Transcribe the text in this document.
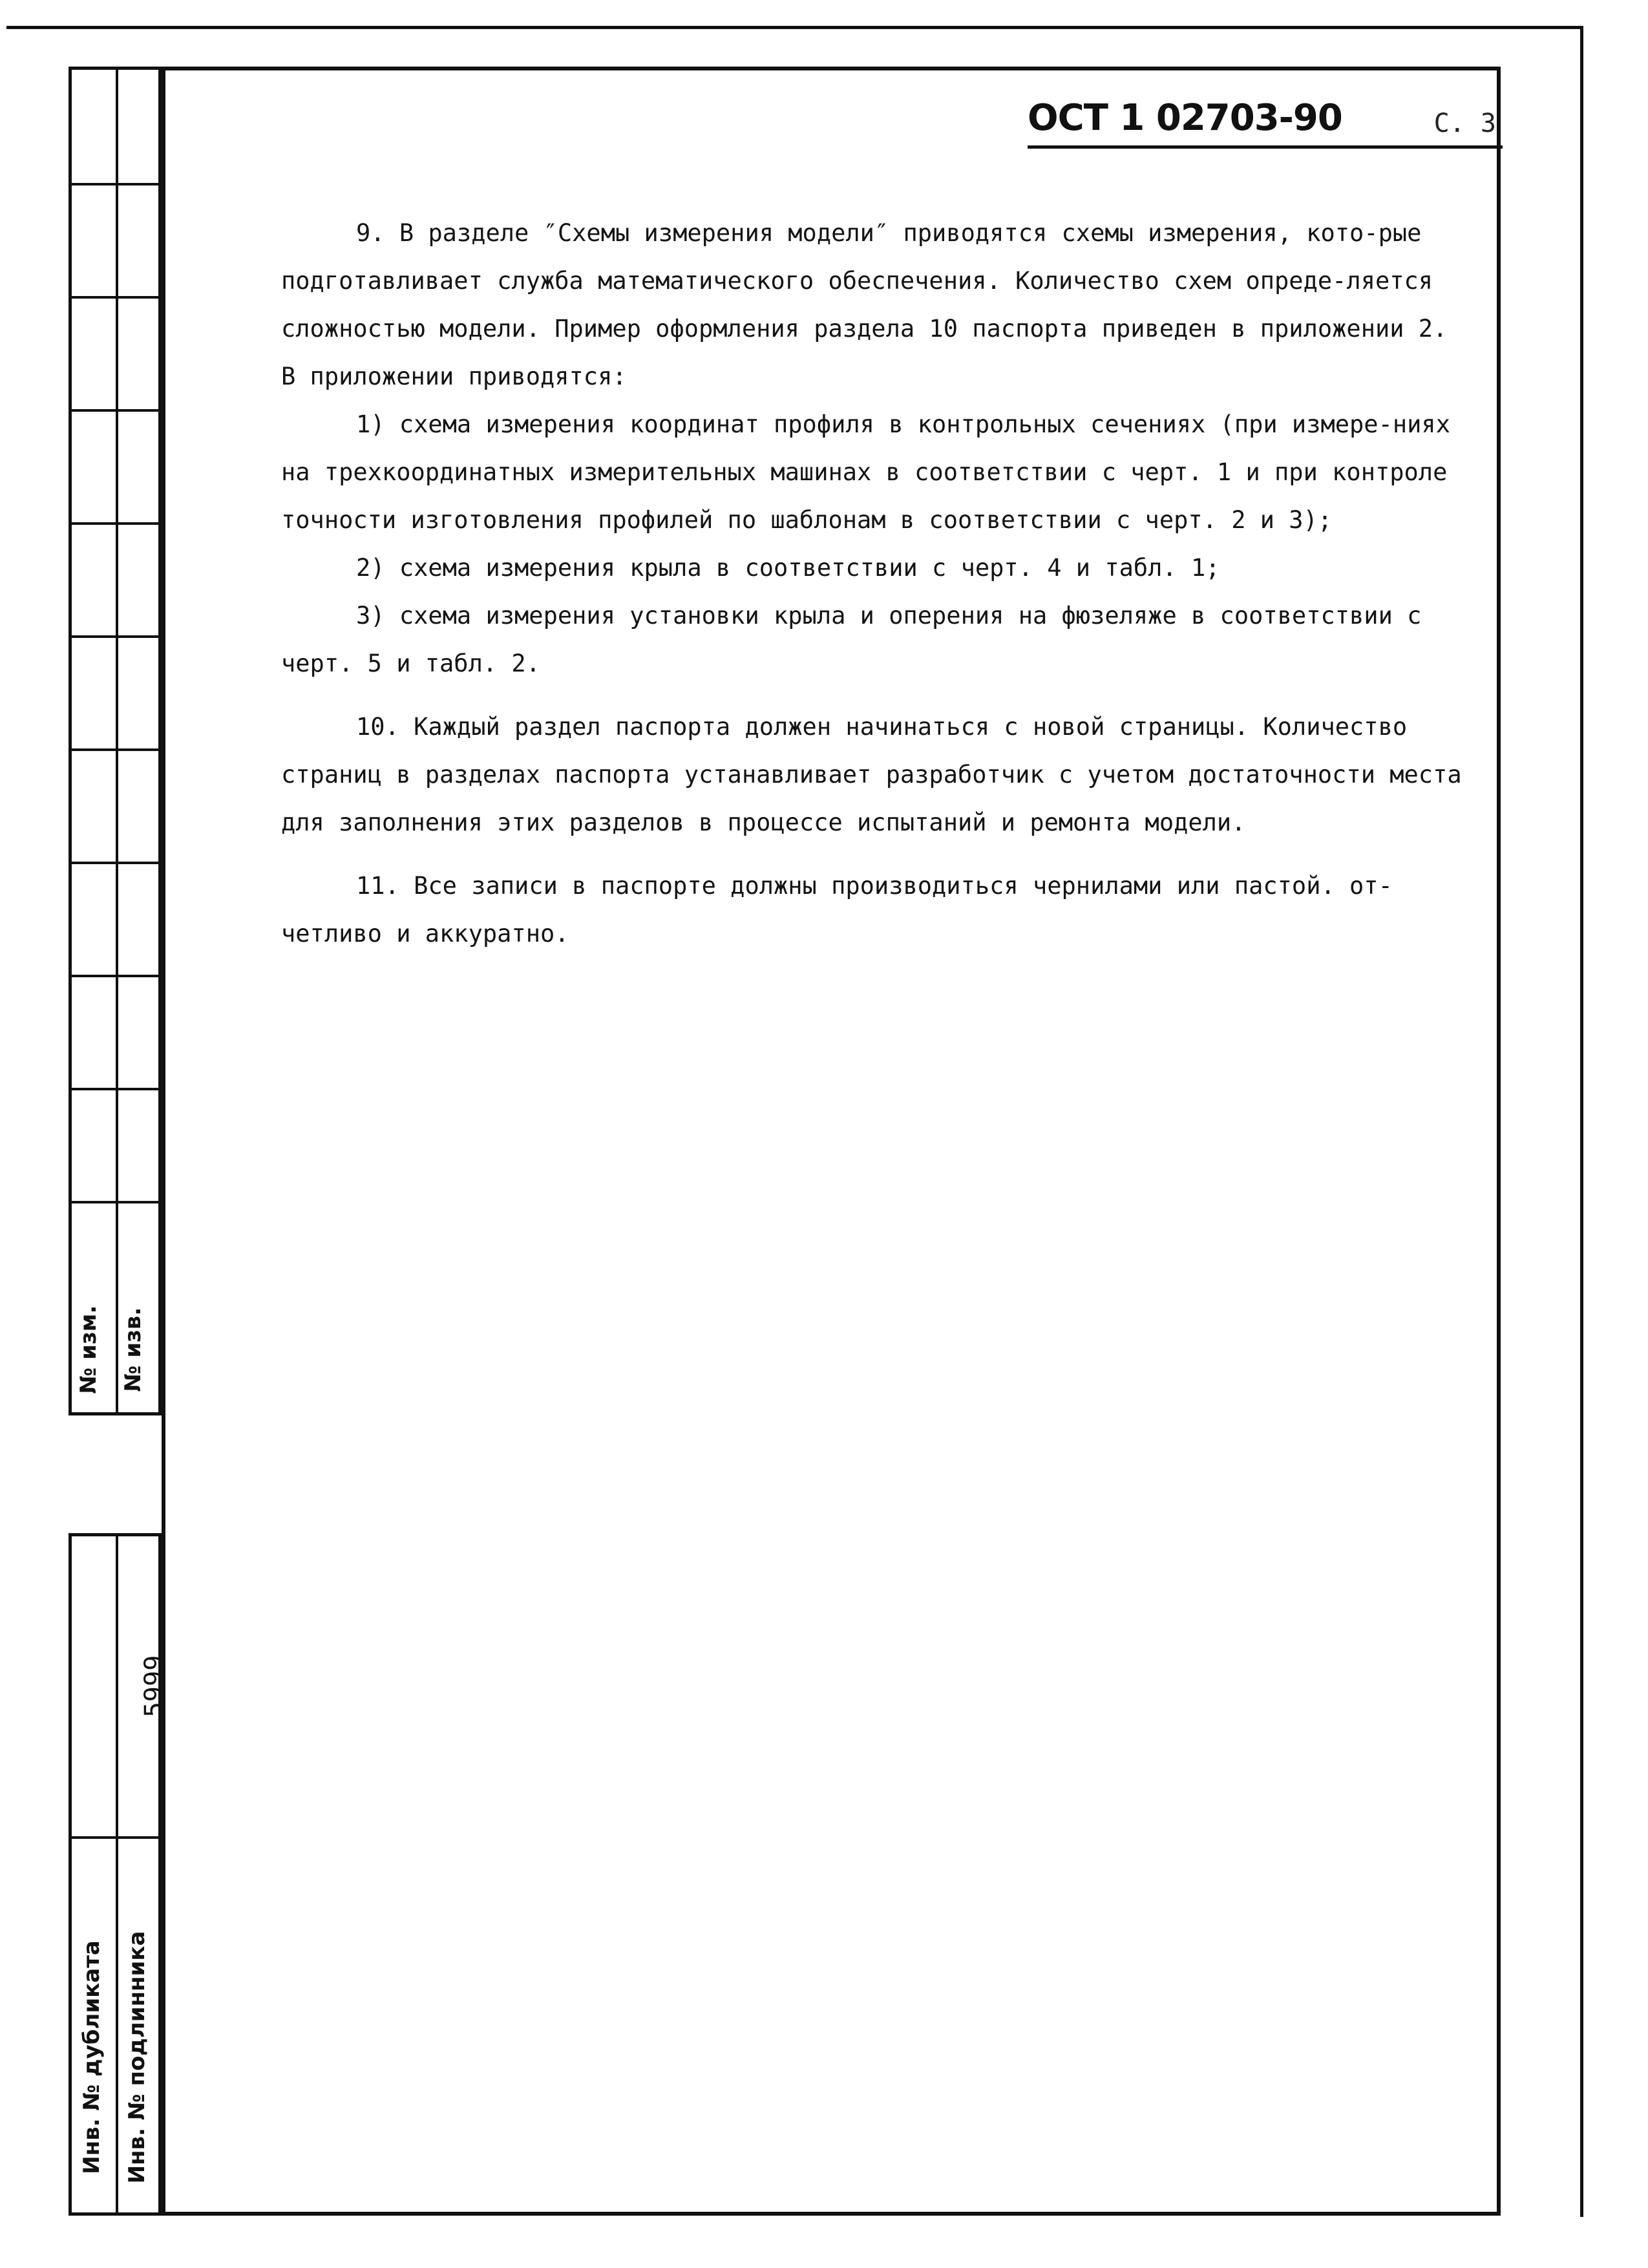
№ изм. № изв.
Инв. № дубликата Инв. № подлинника
5999
ОСТ 1 02703-90	С. 3

9. В разделе ″Схемы измерения модели″ приводятся схемы измерения, кото-рые подготавливает служба математического обеспечения. Количество схем опреде-ляется сложностью модели. Пример оформления раздела 10 паспорта приведен в приложении 2. В приложении приводятся:

1) схема измерения координат профиля в контрольных сечениях (при измере-ниях на трехкоординатных измерительных машинах в соответствии с черт. 1 и при контроле точности изготовления профилей по шаблонам в соответствии с черт. 2 и 3);

2) схема измерения крыла в соответствии с черт. 4 и табл. 1;

3) схема измерения установки крыла и оперения на фюзеляже в соответствии с черт. 5 и табл. 2.

10. Каждый раздел паспорта должен начинаться с новой страницы. Количество страниц в разделах паспорта устанавливает разработчик с учетом достаточности места для заполнения этих разделов в процессе испытаний и ремонта модели.

11. Все записи в паспорте должны производиться чернилами или пастой. от-четливо и аккуратно.
